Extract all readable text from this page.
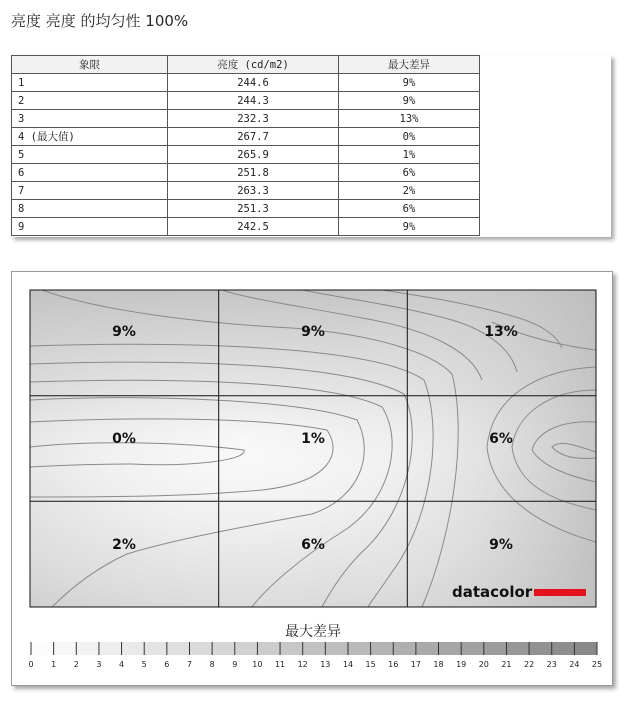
亮度 亮度 的均匀性 100%
象限	亮度 (cd/m2)	最大差异
1	244.6	9%
2	244.3	9%
3	232.3	13%
4 (最大值)	267.7	0%
5	265.9	1%
6	251.8	6%
7	263.3	2%
8	251.3	6%
9	242.5	9%
9%	9%	13%
0%	1%	6%
2%	6%	9%
datacolor
最大差异
0 1 2 3 4 5 6 7 8 9 10 11 12 13 14 15 16 17 18 19 20 21 22 23 24 25
